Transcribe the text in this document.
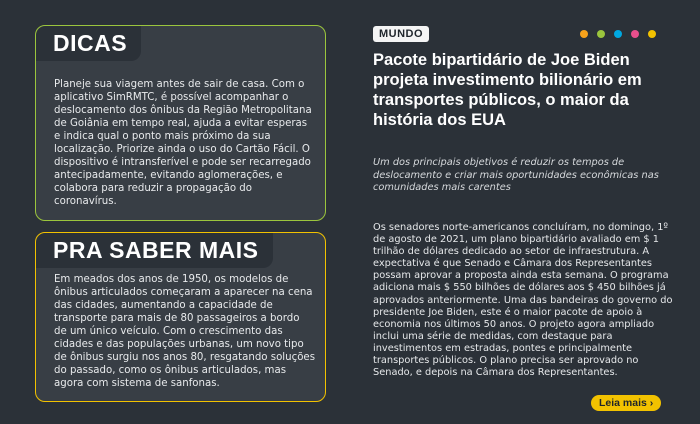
DICAS
Planeje sua viagem antes de sair de casa. Com o aplicativo SimRMTC, é possível acompanhar o deslocamento dos ônibus da Região Metropolitana de Goiânia em tempo real, ajuda a evitar esperas e indica qual o ponto mais próximo da sua localização. Priorize ainda o uso do Cartão Fácil. O dispositivo é intransferível e pode ser recarregado antecipadamente, evitando aglomerações, e colabora para reduzir a propagação do coronavírus.
PRA SABER MAIS
Em meados dos anos de 1950, os modelos de ônibus articulados começaram a aparecer na cena das cidades, aumentando a capacidade de transporte para mais de 80 passageiros a bordo de um único veículo. Com o crescimento das cidades e das populações urbanas, um novo tipo de ônibus surgiu nos anos 80, resgatando soluções do passado, como os ônibus articulados, mas agora com sistema de sanfonas.
MUNDO
Pacote bipartidário de Joe Biden projeta investimento bilionário em transportes públicos, o maior da história dos EUA
Um dos principais objetivos é reduzir os tempos de deslocamento e criar mais oportunidades econômicas nas comunidades mais carentes
Os senadores norte-americanos concluíram, no domingo, 1º de agosto de 2021, um plano bipartidário avaliado em $ 1 trilhão de dólares dedicado ao setor de infraestrutura. A expectativa é que Senado e Câmara dos Representantes possam aprovar a proposta ainda esta semana. O programa adiciona mais $ 550 bilhões de dólares aos $ 450 bilhões já aprovados anteriormente. Uma das bandeiras do governo do presidente Joe Biden, este é o maior pacote de apoio à economia nos últimos 50 anos. O projeto agora ampliado inclui uma série de medidas, com destaque para investimentos em estradas, pontes e principalmente transportes públicos. O plano precisa ser aprovado no Senado, e depois na Câmara dos Representantes.
Leia mais ›
